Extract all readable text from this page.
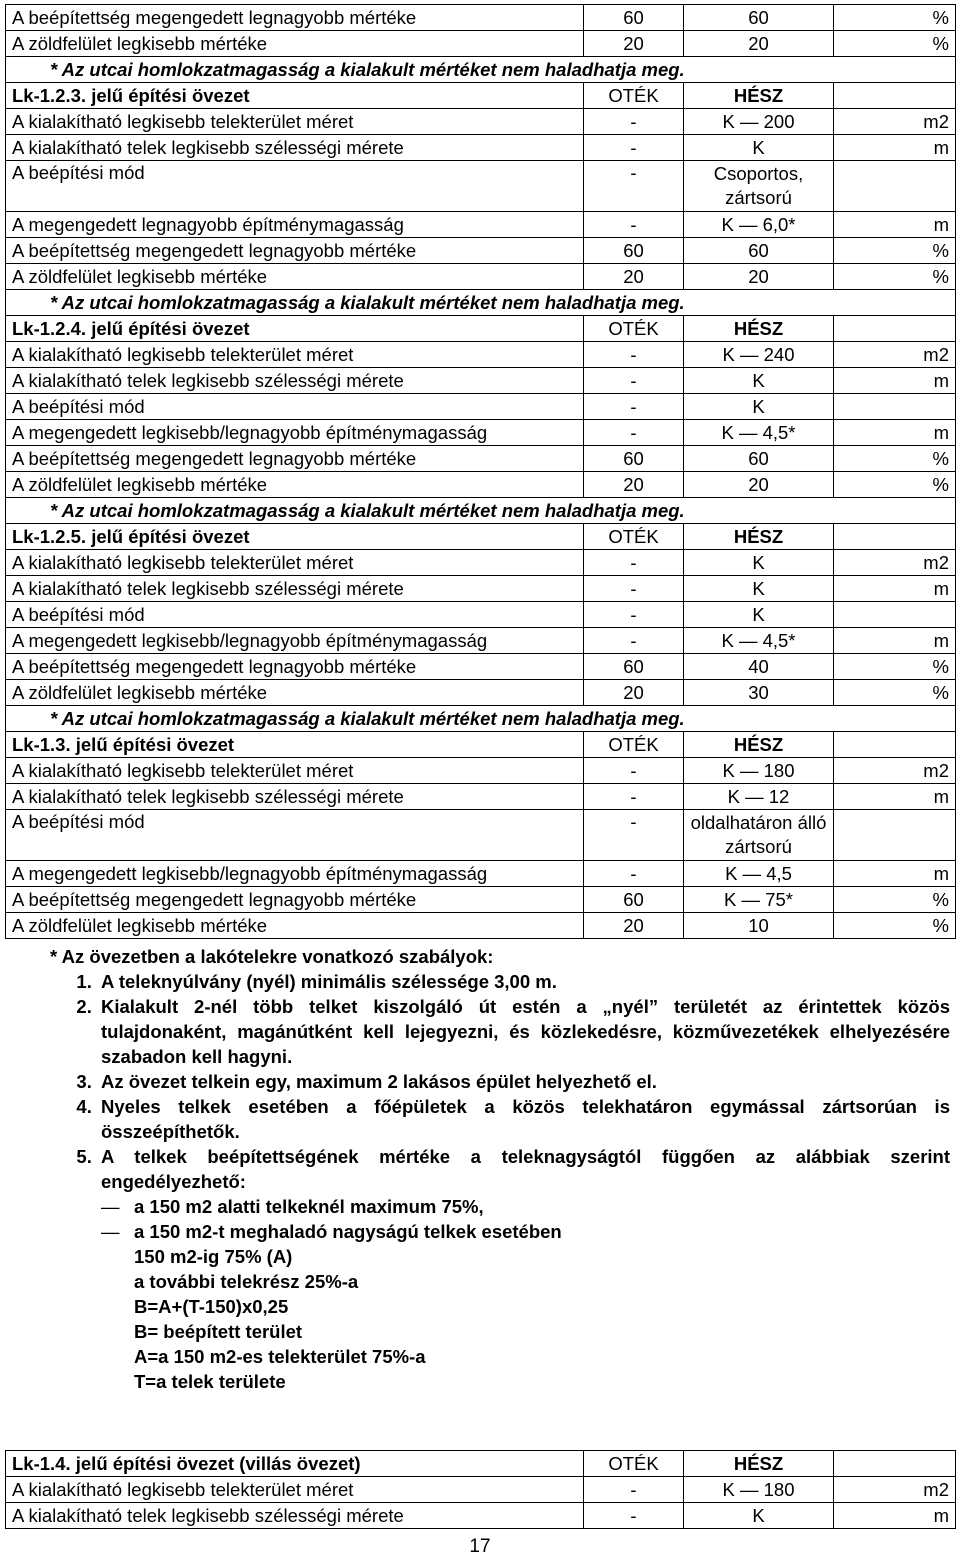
A beépítettség megengedett legnagyobb mértéke	60	60	%
A zöldfelület legkisebb mértéke	20	20	%
* Az utcai homlokzatmagasság a kialakult mértéket nem haladhatja meg.			
Lk-1.2.3. jelű építési övezet	OTÉK	HÉSZ	
A kialakítható legkisebb telekterület méret	-	K — 200	m2
A kialakítható telek legkisebb szélességi mérete	-	K	m
A beépítési mód	-	Csoportos, zártsorú	
A megengedett legnagyobb építménymagasság	-	K — 6,0*	m
A beépítettség megengedett legnagyobb mértéke	60	60	%
A zöldfelület legkisebb mértéke	20	20	%
* Az utcai homlokzatmagasság a kialakult mértéket nem haladhatja meg.			
Lk-1.2.4. jelű építési övezet	OTÉK	HÉSZ	
A kialakítható legkisebb telekterület méret	-	K — 240	m2
A kialakítható telek legkisebb szélességi mérete	-	K	m
A beépítési mód	-	K	
A megengedett legkisebb/legnagyobb építménymagasság	-	K — 4,5*	m
A beépítettség megengedett legnagyobb mértéke	60	60	%
A zöldfelület legkisebb mértéke	20	20	%
* Az utcai homlokzatmagasság a kialakult mértéket nem haladhatja meg.			
Lk-1.2.5. jelű építési övezet	OTÉK	HÉSZ	
A kialakítható legkisebb telekterület méret	-	K	m2
A kialakítható telek legkisebb szélességi mérete	-	K	m
A beépítési mód	-	K	
A megengedett legkisebb/legnagyobb építménymagasság	-	K — 4,5*	m
A beépítettség megengedett legnagyobb mértéke	60	40	%
A zöldfelület legkisebb mértéke	20	30	%
* Az utcai homlokzatmagasság a kialakult mértéket nem haladhatja meg.			
Lk-1.3. jelű építési övezet	OTÉK	HÉSZ	
A kialakítható legkisebb telekterület méret	-	K — 180	m2
A kialakítható telek legkisebb szélességi mérete	-	K — 12	m
A beépítési mód	-	oldalhatáron álló zártsorú	
A megengedett legkisebb/legnagyobb építménymagasság	-	K — 4,5	m
A beépítettség megengedett legnagyobb mértéke	60	K — 75*	%
A zöldfelület legkisebb mértéke	20	10	%

* Az övezetben a lakótelekre vonatkozó szabályok:

1. A teleknyúlvány (nyél) minimális szélessége 3,00 m.
2. Kialakult 2-nél több telket kiszolgáló út estén a „nyél” területét az érintettek közös tulajdonaként, magánútként kell lejegyezni, és közlekedésre, közművezetékek elhelyezésére szabadon kell hagyni.
3. Az övezet telkein egy, maximum 2 lakásos épület helyezhető el.
4. Nyeles telkek esetében a főépületek a közös telekhatáron egymással zártsorúan is összeépíthetők.
5. A telkek beépítettségének mértéke a teleknagyságtól függően az alábbiak szerint engedélyezhető:
— a 150 m2 alatti telkeknél maximum 75%,
— a 150 m2-t meghaladó nagyságú telkek esetében
150 m2-ig 75% (A)
a további telekrész 25%-a
B=A+(T-150)x0,25
B= beépített terület
A=a 150 m2-es telekterület 75%-a
T=a telek területe
Lk-1.4. jelű építési övezet (villás övezet)	OTÉK	HÉSZ	
A kialakítható legkisebb telekterület méret	-	K — 180	m2
A kialakítható telek legkisebb szélességi mérete	-	K	m
17
